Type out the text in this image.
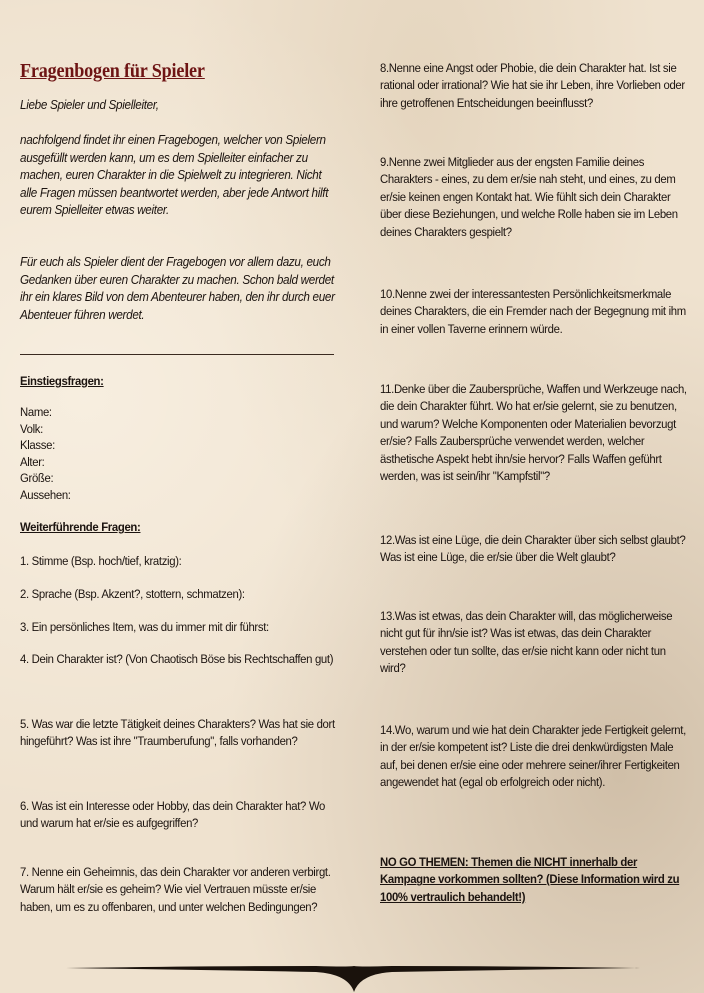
Fragenbogen für Spieler

Liebe Spieler und Spielleiter,

nachfolgend findet ihr einen Fragebogen, welcher von Spielern ausgefüllt werden kann, um es dem Spielleiter einfacher zu machen, euren Charakter in die Spielwelt zu integrieren. Nicht alle Fragen müssen beantwortet werden, aber jede Antwort hilft eurem Spielleiter etwas weiter.

Für euch als Spieler dient der Fragebogen vor allem dazu, euch Gedanken über euren Charakter zu machen. Schon bald werdet ihr ein klares Bild von dem Abenteurer haben, den ihr durch euer Abenteuer führen werdet.

Einstiegsfragen:

Name:
Volk:
Klasse:
Alter:
Größe:
Aussehen:

Weiterführende Fragen:

1. Stimme (Bsp. hoch/tief, kratzig):

2. Sprache (Bsp. Akzent?, stottern, schmatzen):

3. Ein persönliches Item, was du immer mit dir führst:

4. Dein Charakter ist? (Von Chaotisch Böse bis Rechtschaffen gut)

5. Was war die letzte Tätigkeit deines Charakters? Was hat sie dort hingeführt? Was ist ihre "Traumberufung", falls vorhanden?

6. Was ist ein Interesse oder Hobby, das dein Charakter hat? Wo und warum hat er/sie es aufgegriffen?

7. Nenne ein Geheimnis, das dein Charakter vor anderen verbirgt. Warum hält er/sie es geheim? Wie viel Vertrauen müsste er/sie haben, um es zu offenbaren, und unter welchen Bedingungen?

8.Nenne eine Angst oder Phobie, die dein Charakter hat. Ist sie rational oder irrational? Wie hat sie ihr Leben, ihre Vorlieben oder ihre getroffenen Entscheidungen beeinflusst?

9.Nenne zwei Mitglieder aus der engsten Familie deines Charakters - eines, zu dem er/sie nah steht, und eines, zu dem er/sie keinen engen Kontakt hat. Wie fühlt sich dein Charakter über diese Beziehungen, und welche Rolle haben sie im Leben deines Charakters gespielt?

10.Nenne zwei der interessantesten Persönlichkeitsmerkmale deines Charakters, die ein Fremder nach der Begegnung mit ihm in einer vollen Taverne erinnern würde.

11.Denke über die Zaubersprüche, Waffen und Werkzeuge nach, die dein Charakter führt. Wo hat er/sie gelernt, sie zu benutzen, und warum? Welche Komponenten oder Materialien bevorzugt er/sie? Falls Zaubersprüche verwendet werden, welcher ästhetische Aspekt hebt ihn/sie hervor? Falls Waffen geführt werden, was ist sein/ihr "Kampfstil"?

12.Was ist eine Lüge, die dein Charakter über sich selbst glaubt? Was ist eine Lüge, die er/sie über die Welt glaubt?

13.Was ist etwas, das dein Charakter will, das möglicherweise nicht gut für ihn/sie ist? Was ist etwas, das dein Charakter verstehen oder tun sollte, das er/sie nicht kann oder nicht tun wird?

14.Wo, warum und wie hat dein Charakter jede Fertigkeit gelernt, in der er/sie kompetent ist? Liste die drei denkwürdigsten Male auf, bei denen er/sie eine oder mehrere seiner/ihrer Fertigkeiten angewendet hat (egal ob erfolgreich oder nicht).

NO GO THEMEN: Themen die NICHT innerhalb der Kampagne vorkommen sollten? (Diese Information wird zu 100% vertraulich behandelt!)
